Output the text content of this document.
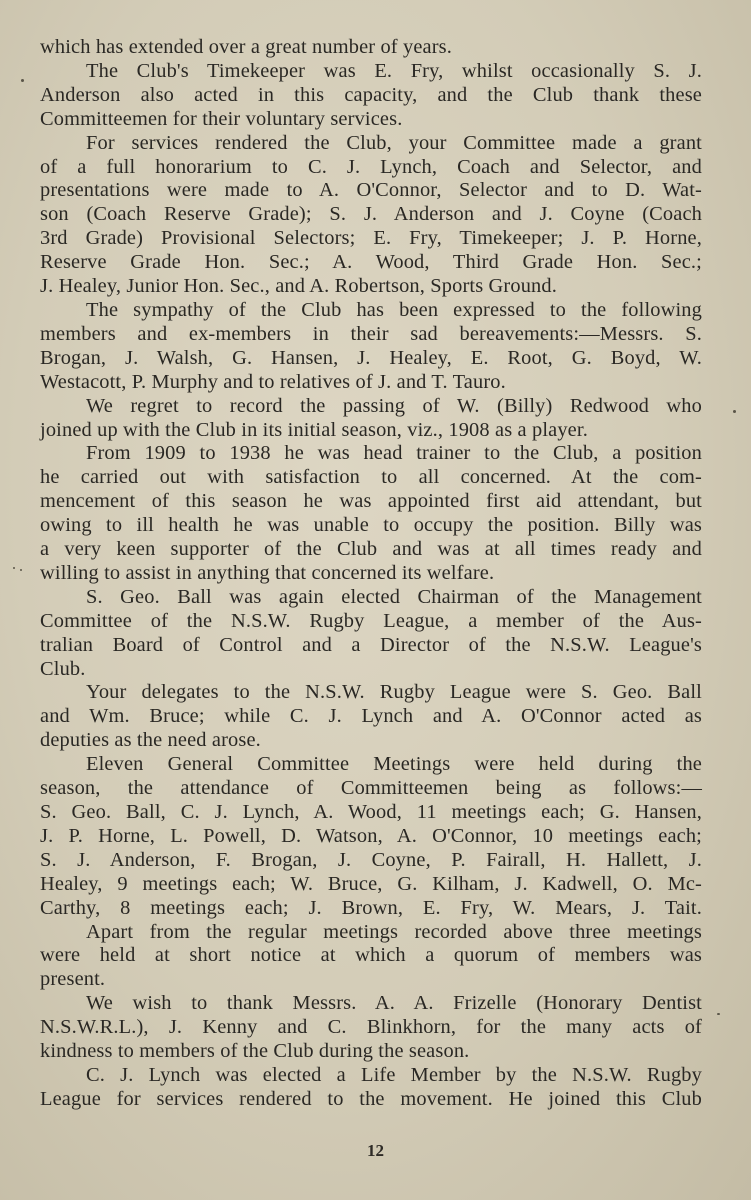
which has extended over a great number of years.
The Club's Timekeeper was E. Fry, whilst occasionally S. J.
Anderson also acted in this capacity, and the Club thank these
Committeemen for their voluntary services.
For services rendered the Club, your Committee made a grant
of a full honorarium to C. J. Lynch, Coach and Selector, and
presentations were made to A. O'Connor, Selector and to D. Wat-
son (Coach Reserve Grade); S. J. Anderson and J. Coyne (Coach
3rd Grade) Provisional Selectors; E. Fry, Timekeeper; J. P. Horne,
Reserve Grade Hon. Sec.; A. Wood, Third Grade Hon. Sec.;
J. Healey, Junior Hon. Sec., and A. Robertson, Sports Ground.
The sympathy of the Club has been expressed to the following
members and ex-members in their sad bereavements:—Messrs. S.
Brogan, J. Walsh, G. Hansen, J. Healey, E. Root, G. Boyd, W.
Westacott, P. Murphy and to relatives of J. and T. Tauro.
We regret to record the passing of W. (Billy) Redwood who
joined up with the Club in its initial season, viz., 1908 as a player.
From 1909 to 1938 he was head trainer to the Club, a position
he carried out with satisfaction to all concerned. At the com-
mencement of this season he was appointed first aid attendant, but
owing to ill health he was unable to occupy the position. Billy was
a very keen supporter of the Club and was at all times ready and
willing to assist in anything that concerned its welfare.
S. Geo. Ball was again elected Chairman of the Management
Committee of the N.S.W. Rugby League, a member of the Aus-
tralian Board of Control and a Director of the N.S.W. League's
Club.
Your delegates to the N.S.W. Rugby League were S. Geo. Ball
and Wm. Bruce; while C. J. Lynch and A. O'Connor acted as
deputies as the need arose.
Eleven General Committee Meetings were held during the
season, the attendance of Committeemen being as follows:—
S. Geo. Ball, C. J. Lynch, A. Wood, 11 meetings each; G. Hansen,
J. P. Horne, L. Powell, D. Watson, A. O'Connor, 10 meetings each;
S. J. Anderson, F. Brogan, J. Coyne, P. Fairall, H. Hallett, J.
Healey, 9 meetings each; W. Bruce, G. Kilham, J. Kadwell, O. Mc-
Carthy, 8 meetings each; J. Brown, E. Fry, W. Mears, J. Tait.
Apart from the regular meetings recorded above three meetings
were held at short notice at which a quorum of members was
present.
We wish to thank Messrs. A. A. Frizelle (Honorary Dentist
N.S.W.R.L.), J. Kenny and C. Blinkhorn, for the many acts of
kindness to members of the Club during the season.
C. J. Lynch was elected a Life Member by the N.S.W. Rugby
League for services rendered to the movement. He joined this Club
12
